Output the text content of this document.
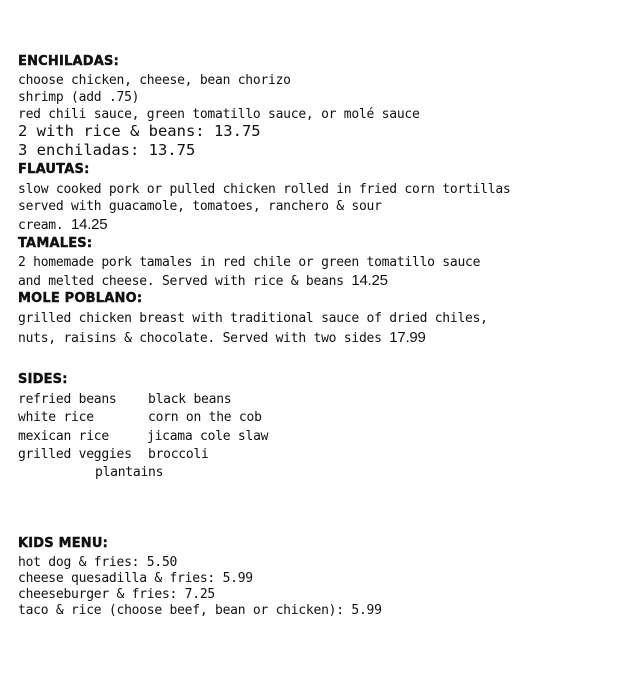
ENCHILADAS:
choose chicken, cheese, bean chorizo
shrimp (add .75)
red chili sauce, green tomatillo sauce, or molé sauce
2 with rice & beans: 13.75
3 enchiladas: 13.75
FLAUTAS:
slow cooked pork or pulled chicken rolled in fried corn tortillas
served with guacamole, tomatoes, ranchero & sour
cream. 14.25
TAMALES:
2 homemade pork tamales in red chile or green tomatillo sauce
and melted cheese. Served with rice & beans 14.25
MOLE POBLANO:
grilled chicken breast with traditional sauce of dried chiles,
nuts, raisins & chocolate. Served with two sides 17.99
SIDES:
refried beans black beans
white rice	corn on the cob
mexican rice	jicama cole slaw
grilled veggies broccoli
plantains
KIDS MENU:
hot dog & fries: 5.50
cheese quesadilla & fries: 5.99
cheeseburger & fries: 7.25
taco & rice (choose beef, bean or chicken): 5.99
